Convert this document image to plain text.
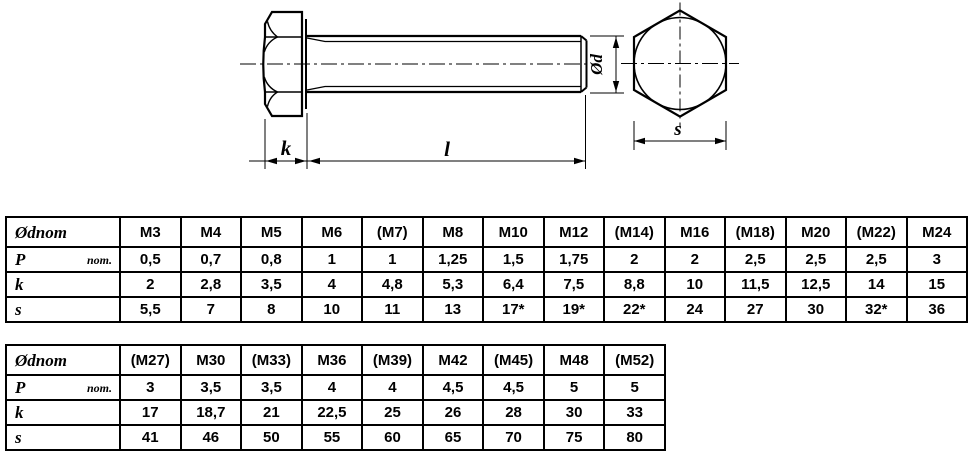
k	l
Ød
s
Ødnom	M3	M4	M5	M6	(M7)	M8	M10	M12	(M14)	M16	(M18)	M20	(M22)	M24

P nom.	0,5	0,7	0,8	1	1	1,25	1,5	1,75	2	2	2,5	2,5	2,5	3

k	2	2,8	3,5	4	4,8	5,3	6,4	7,5	8,8	10	11,5	12,5	14	15

s	5,5	7	8	10	11	13	17*	19*	22*	24	27	30	32*	36
Ødnom	(M27)	M30	(M33)	M36	(M39)	M42	(M45)	M48	(M52)

P nom.	3	3,5	3,5	4	4	4,5	4,5	5	5

k	17	18,7	21	22,5	25	26	28	30	33

s	41	46	50	55	60	65	70	75	80
